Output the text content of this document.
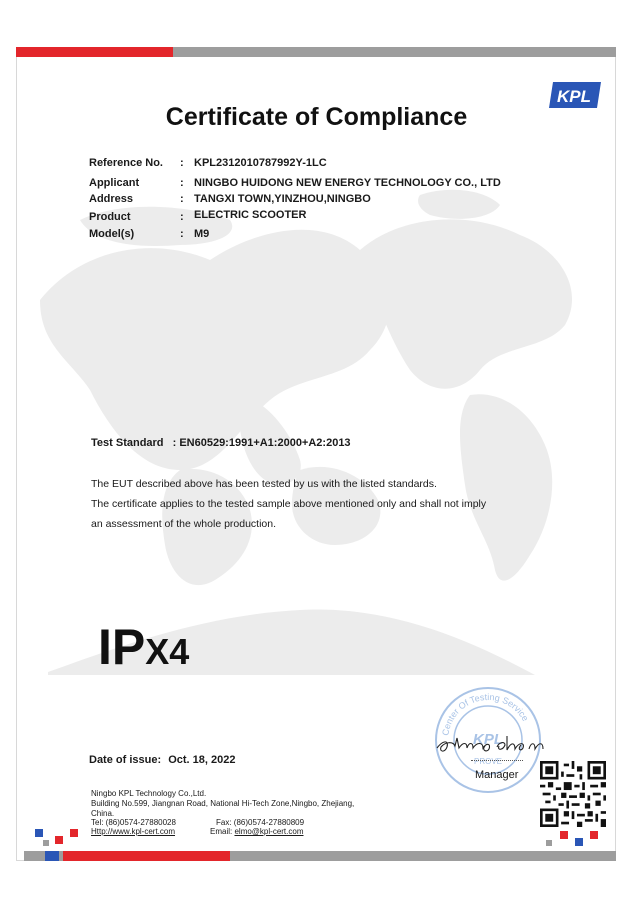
KPL
Certificate of Compliance
Reference No. : KPL2312010787992Y-1LC
Applicant	: NINGBO HUIDONG NEW ENERGY TECHNOLOGY CO., LTD
Address	: TANGXI TOWN,YINZHOU,NINGBO
Product	: ELECTRIC SCOOTER
Model(s)	: M9
Test Standard : EN60529:1991+A1:2000+A2:2013
The EUT described above has been tested by us with the listed standards.
The certificate applies to the tested sample above mentioned only and shall not imply
an assessment of the whole production.
IPX4
Center Of Testing Service
KPL
PROVE
Manager
Date of issue: Oct. 18, 2022
Ningbo KPL Technology Co.,Ltd.
Building No.599, Jiangnan Road, National Hi-Tech Zone,Ningbo, Zhejiang,
China.
Tel: (86)0574-27880028	Fax: (86)0574-27880809
Http://www.kpl-cert.com	Email: elmo@kpl-cert.com
